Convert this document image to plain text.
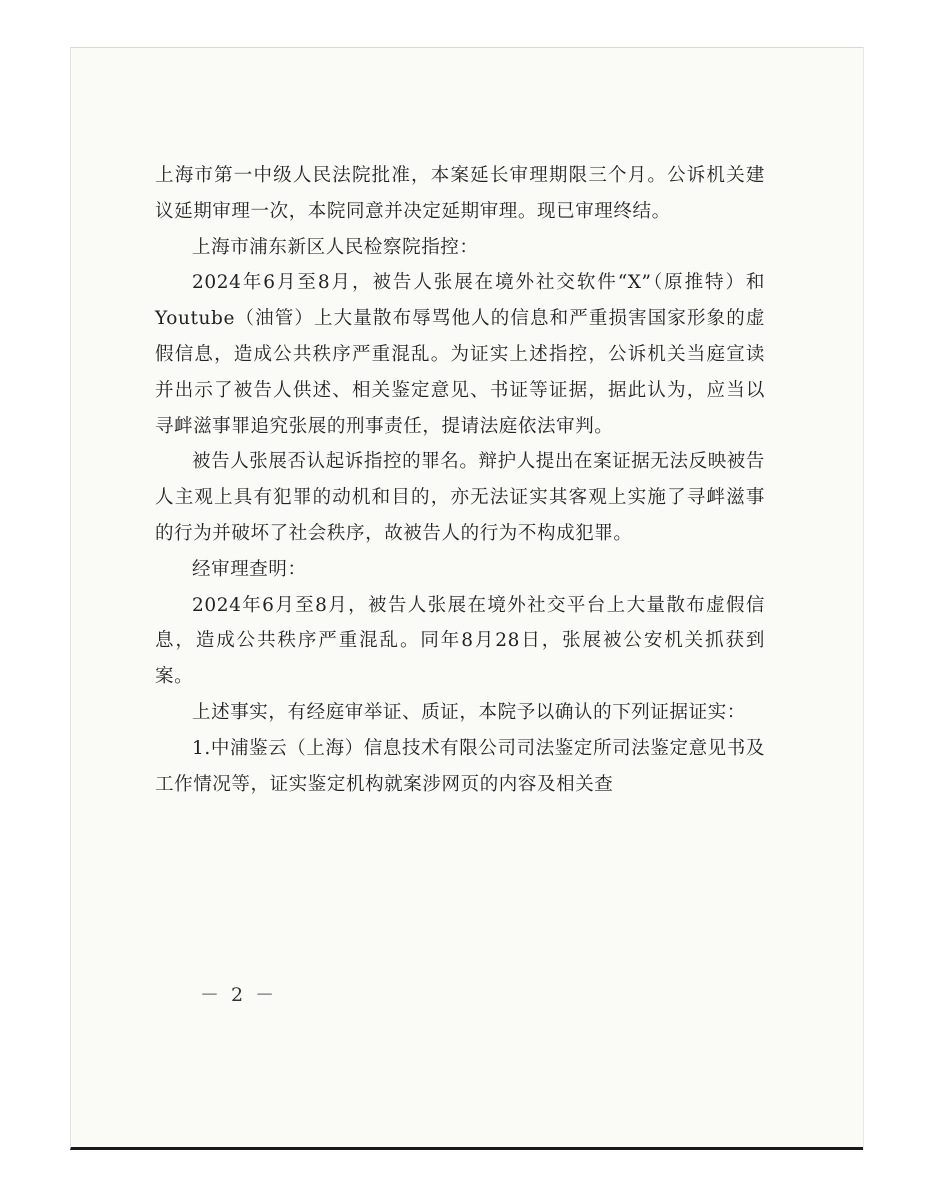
上海市第一中级人民法院批准，本案延长审理期限三个月。公诉机关建议延期审理一次，本院同意并决定延期审理。现已审理终结。

上海市浦东新区人民检察院指控：

2024年6月至8月，被告人张展在境外社交软件“X”（原推特）和Youtube（油管）上大量散布辱骂他人的信息和严重损害国家形象的虚假信息，造成公共秩序严重混乱。为证实上述指控，公诉机关当庭宣读并出示了被告人供述、相关鉴定意见、书证等证据，据此认为，应当以寻衅滋事罪追究张展的刑事责任，提请法庭依法审判。

被告人张展否认起诉指控的罪名。辩护人提出在案证据无法反映被告人主观上具有犯罪的动机和目的，亦无法证实其客观上实施了寻衅滋事的行为并破坏了社会秩序，故被告人的行为不构成犯罪。

经审理查明：

2024年6月至8月，被告人张展在境外社交平台上大量散布虚假信息，造成公共秩序严重混乱。同年8月28日，张展被公安机关抓获到案。

上述事实，有经庭审举证、质证，本院予以确认的下列证据证实：

1.中浦鉴云（上海）信息技术有限公司司法鉴定所司法鉴定意见书及工作情况等，证实鉴定机构就案涉网页的内容及相关查

－ 2 －
